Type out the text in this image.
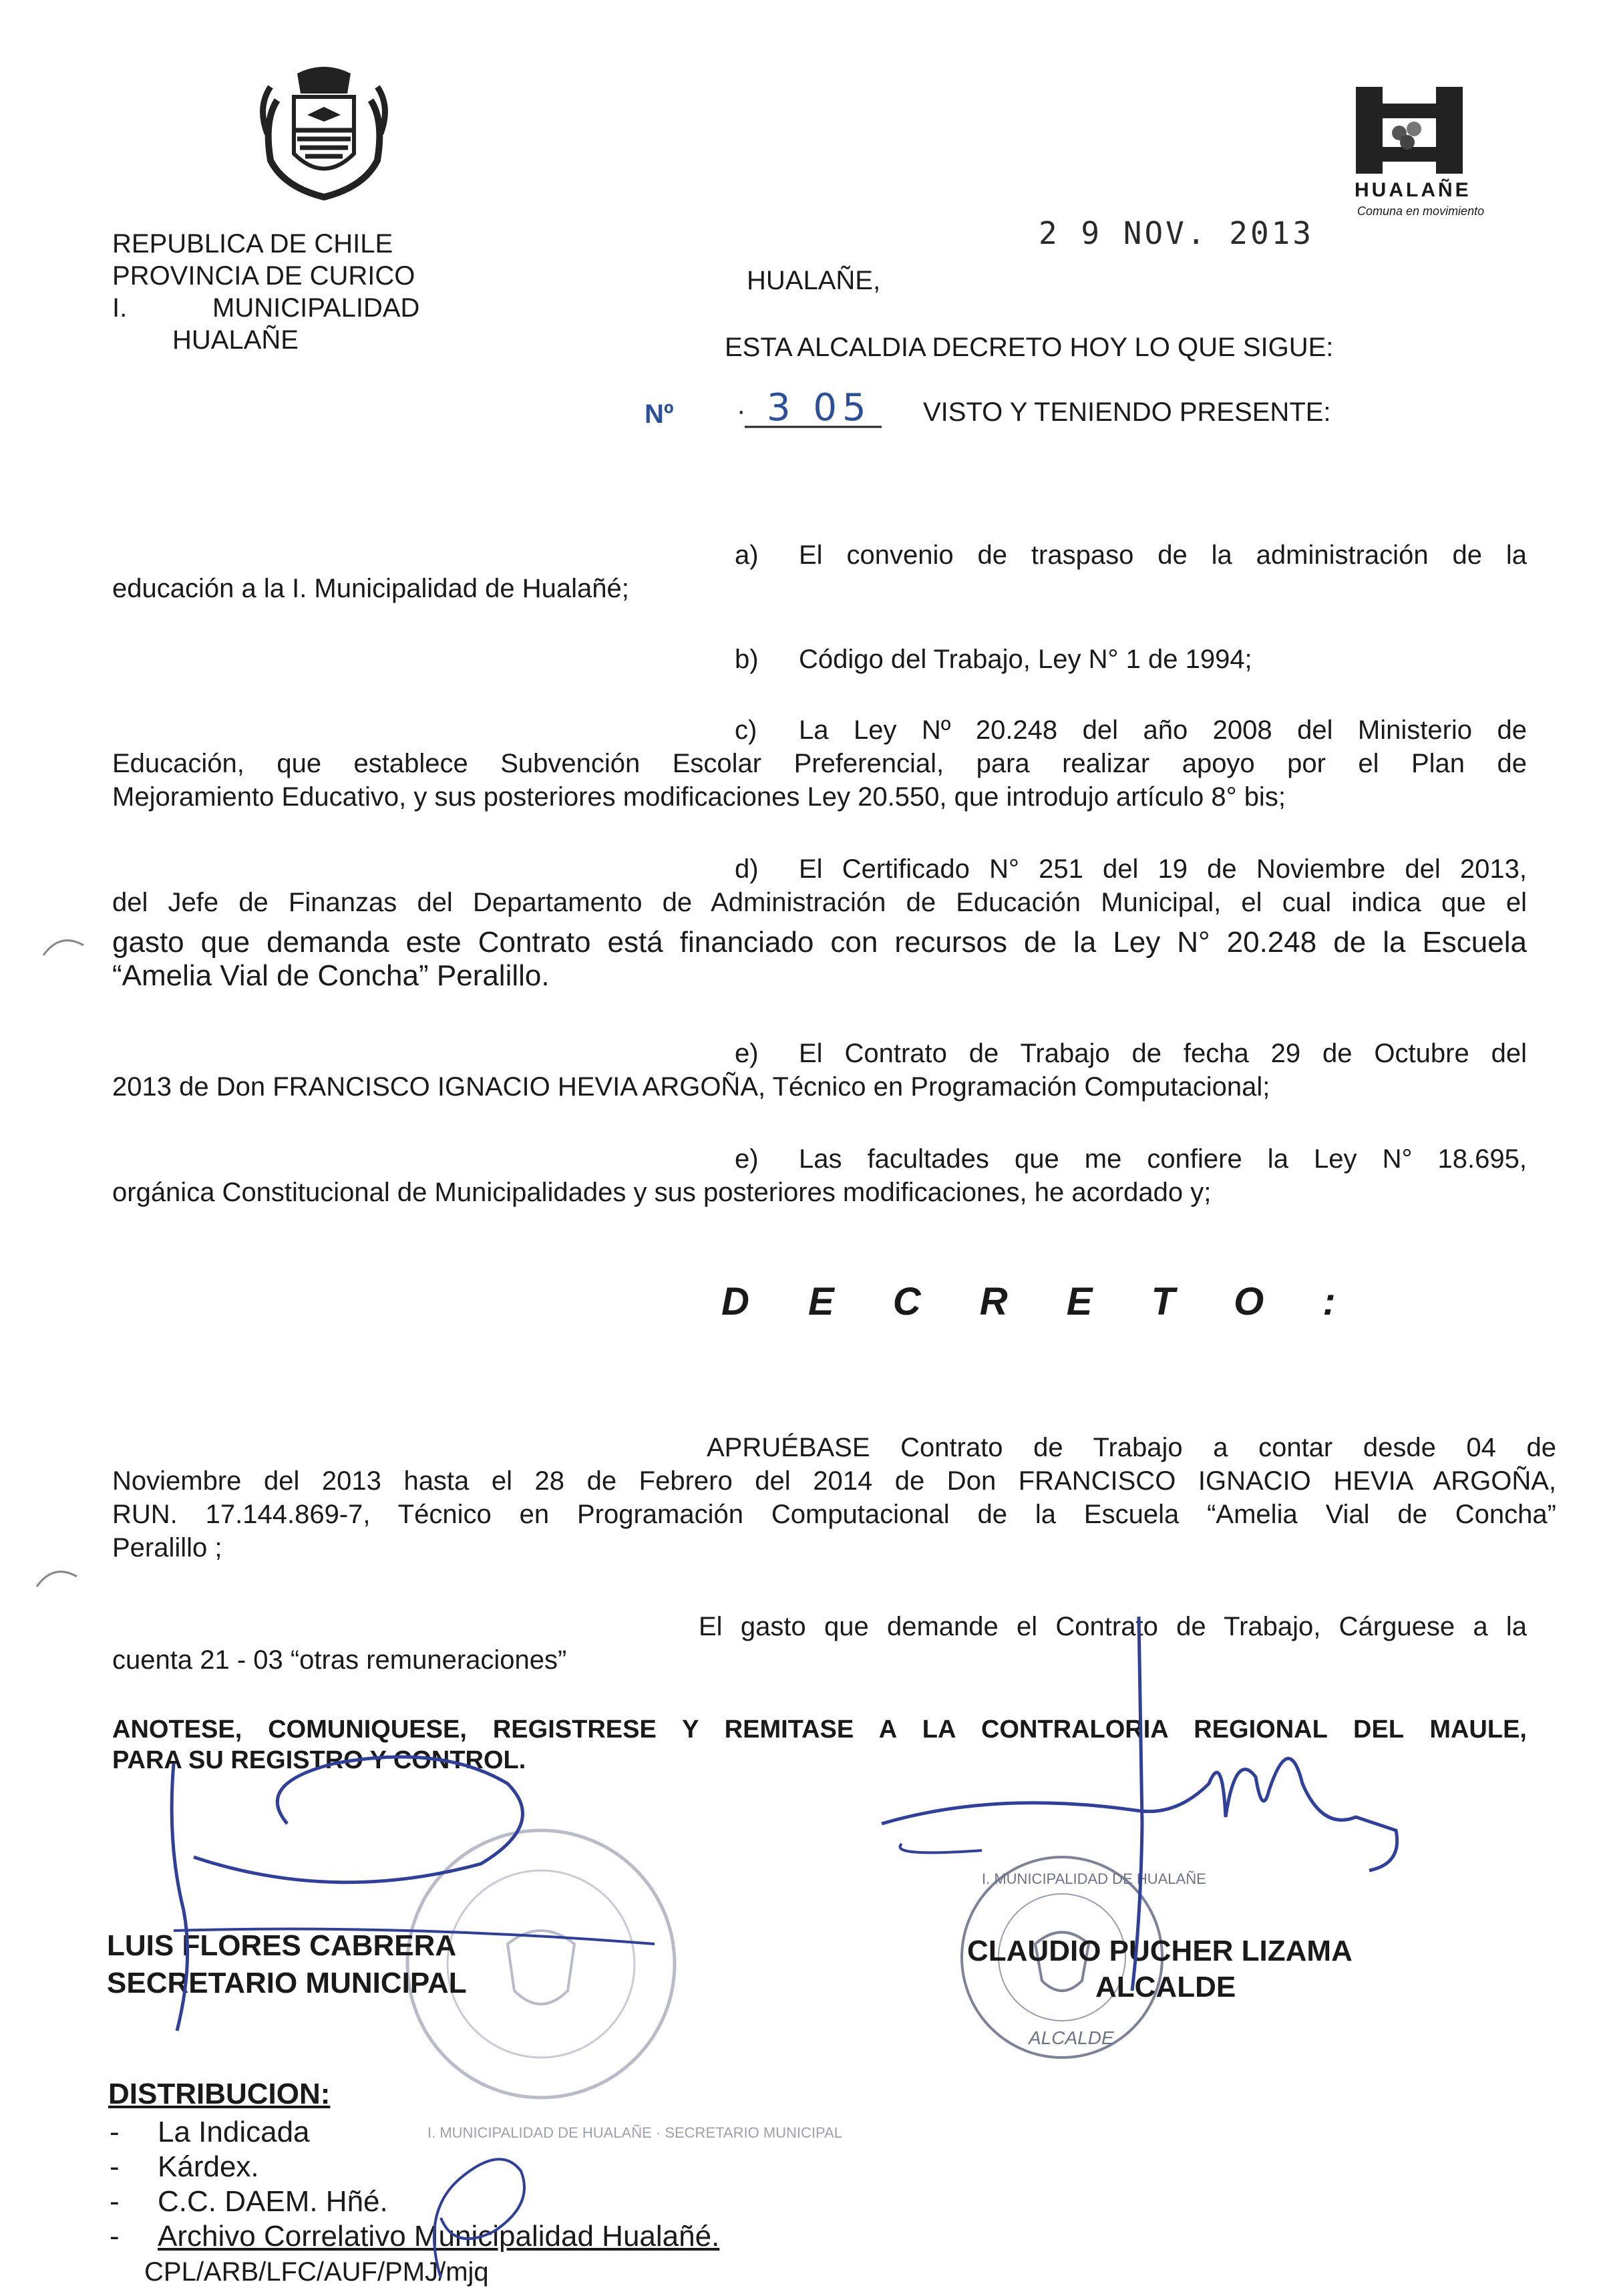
REPUBLICA DE CHILE
PROVINCIA DE CURICO
I.	MUNICIPALIDAD
HUALAÑE
HUALAÑE
Comuna en movimiento
2 9 NOV. 2013
HUALAÑE,
ESTA ALCALDIA DECRETO HOY LO QUE SIGUE:
Nº · 3 05 VISTO Y TENIENDO PRESENTE:
a) El convenio de traspaso de la administración de la
educación a la I. Municipalidad de Hualañé;
b) Código del Trabajo, Ley N° 1 de 1994;
c) La Ley Nº 20.248 del año 2008 del Ministerio de
Educación, que establece Subvención Escolar Preferencial, para realizar apoyo por el Plan de
Mejoramiento Educativo, y sus posteriores modificaciones Ley 20.550, que introdujo artículo 8° bis;
d) El Certificado N° 251 del 19 de Noviembre del 2013,
del Jefe de Finanzas del Departamento de Administración de Educación Municipal, el cual indica que el
gasto que demanda este Contrato está financiado con recursos de la Ley N° 20.248 de la Escuela
“Amelia Vial de Concha” Peralillo.
e) El Contrato de Trabajo de fecha 29 de Octubre del
2013 de Don FRANCISCO IGNACIO HEVIA ARGOÑA, Técnico en Programación Computacional;
e) Las facultades que me confiere la Ley N° 18.695,
orgánica Constitucional de Municipalidades y sus posteriores modificaciones, he acordado y;
D E C R E T O :
APRUÉBASE Contrato de Trabajo a contar desde 04 de
Noviembre del 2013 hasta el 28 de Febrero del 2014 de Don FRANCISCO IGNACIO HEVIA ARGOÑA,
RUN. 17.144.869-7, Técnico en Programación Computacional de la Escuela “Amelia Vial de Concha”
Peralillo ;
El gasto que demande el Contrato de Trabajo, Cárguese a la
cuenta 21 - 03 “otras remuneraciones”
ANOTESE, COMUNIQUESE, REGISTRESE Y REMITASE A LA CONTRALORIA REGIONAL DEL MAULE,
PARA SU REGISTRO Y CONTROL.
I. MUNICIPALIDAD DE HUALAÑE · SECRETARIO MUNICIPAL
I. MUNICIPALIDAD DE HUALAÑE
ALCALDE
LUIS FLORES CABRERA
SECRETARIO MUNICIPAL
CLAUDIO PUCHER LIZAMA
ALCALDE
DISTRIBUCION:
- La Indicada
- Kárdex.
- C.C. DAEM. Hñé.
- Archivo Correlativo Municipalidad Hualañé.
CPL/ARB/LFC/AUF/PMJ/mjq
